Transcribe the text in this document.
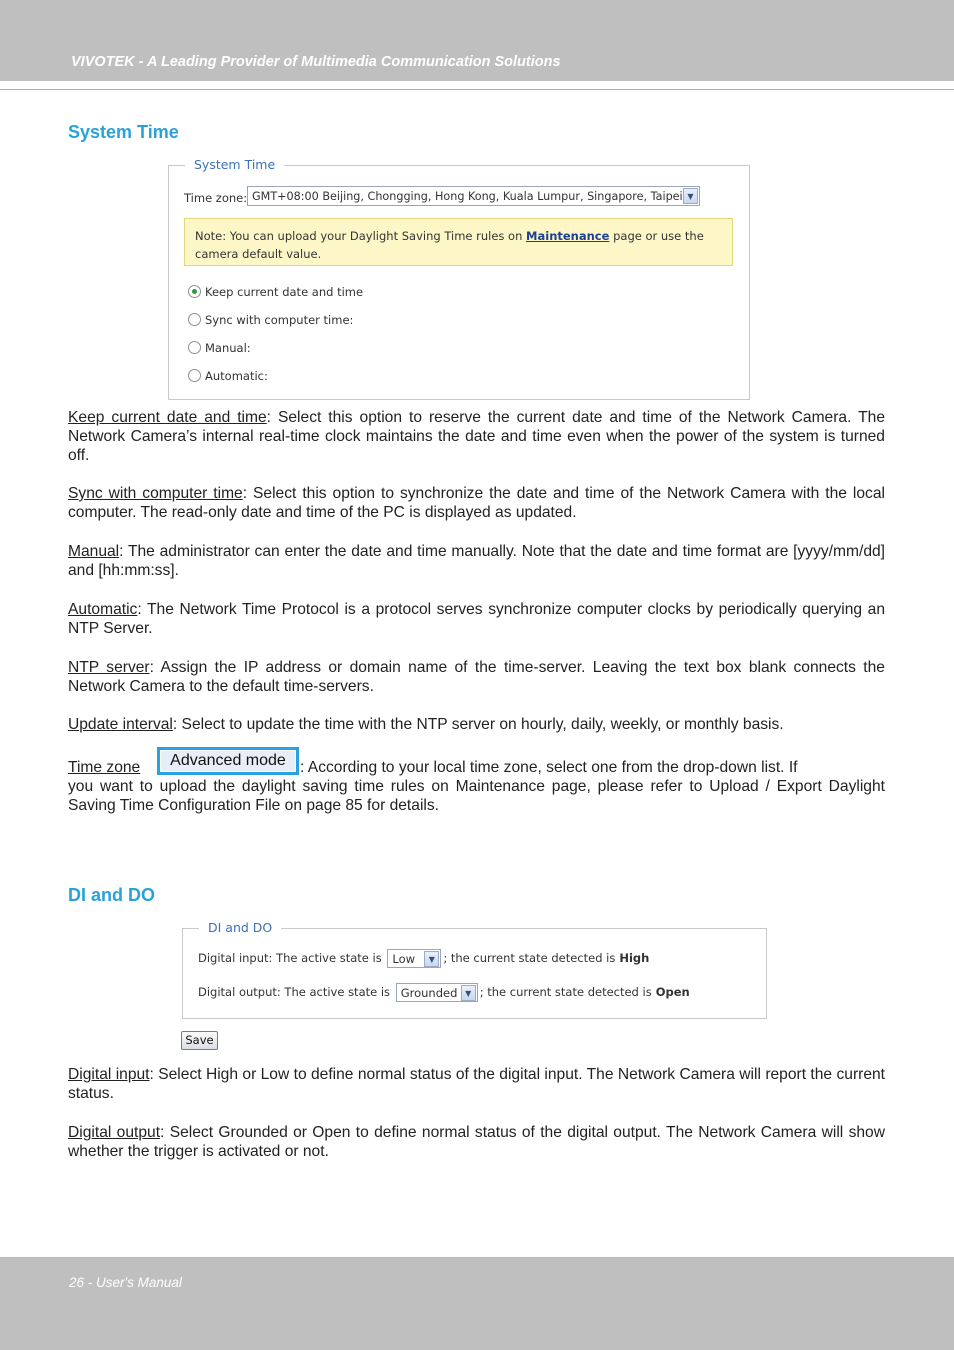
VIVOTEK - A Leading Provider of Multimedia Communication Solutions
System Time
System Time
Time zone: GMT+08:00 Beijing, Chongging, Hong Kong, Kuala Lumpur, Singapore, Taipei ▼
Note: You can upload your Daylight Saving Time rules on Maintenance page or use the camera default value.
Keep current date and time
Sync with computer time:
Manual:
Automatic:
Keep current date and time: Select this option to reserve the current date and time of the Network Camera. The Network Camera’s internal real-time clock maintains the date and time even when the power of the system is turned off.
Sync with computer time: Select this option to synchronize the date and time of the Network Camera with the local computer. The read-only date and time of the PC is displayed as updated.
Manual: The administrator can enter the date and time manually. Note that the date and time format are [yyyy/mm/dd] and [hh:mm:ss].
Automatic: The Network Time Protocol is a protocol serves synchronize computer clocks by periodically querying an NTP Server.
NTP server: Assign the IP address or domain name of the time-server. Leaving the text box blank connects the Network Camera to the default time-servers.
Update interval: Select to update the time with the NTP server on hourly, daily, weekly, or monthly basis.
Time zone	Advanced mode : According to your local time zone, select one from the drop-down list. If
you want to upload the daylight saving time rules on Maintenance page, please refer to Upload / Export Daylight Saving Time Configuration File on page 85 for details.
DI and DO
DI and DO
Digital input: The active state is Low	▼ ; the current state detected is High
Digital output: The active state is Grounded ▼ ; the current state detected is Open
Save
Digital input: Select High or Low to define normal status of the digital input. The Network Camera will report the current status.
Digital output: Select Grounded or Open to define normal status of the digital output. The Network Camera will show whether the trigger is activated or not.
26 - User's Manual
